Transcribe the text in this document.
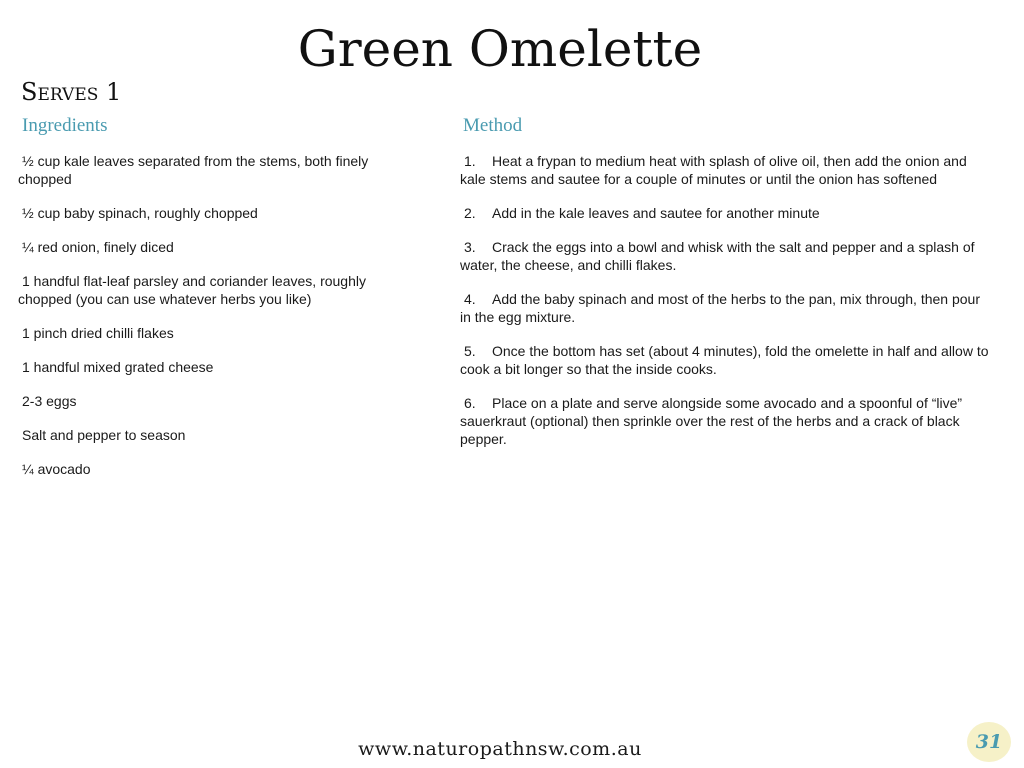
Green Omelette
Serves 1
Ingredients	Method
½ cup kale leaves separated from the stems, both finely chopped
½ cup baby spinach, roughly chopped
¼ red onion, finely diced
1 handful flat-leaf parsley and coriander leaves, roughly chopped (you can use whatever herbs you like)
1 pinch dried chilli flakes
1 handful mixed grated cheese
2-3 eggs
Salt and pepper to season
¼ avocado
1. Heat a frypan to medium heat with splash of olive oil, then add the onion and kale stems and sautee for a couple of minutes or until the onion has softened
2. Add in the kale leaves and sautee for another minute
3. Crack the eggs into a bowl and whisk with the salt and pepper and a splash of water, the cheese, and chilli flakes.
4. Add the baby spinach and most of the herbs to the pan, mix through, then pour in the egg mixture.
5. Once the bottom has set (about 4 minutes), fold the omelette in half and allow to cook a bit longer so that the inside cooks.
6. Place on a plate and serve alongside some avocado and a spoonful of “live” sauerkraut (optional) then sprinkle over the rest of the herbs and a crack of black pepper.
www.naturopathnsw.com.au	31
